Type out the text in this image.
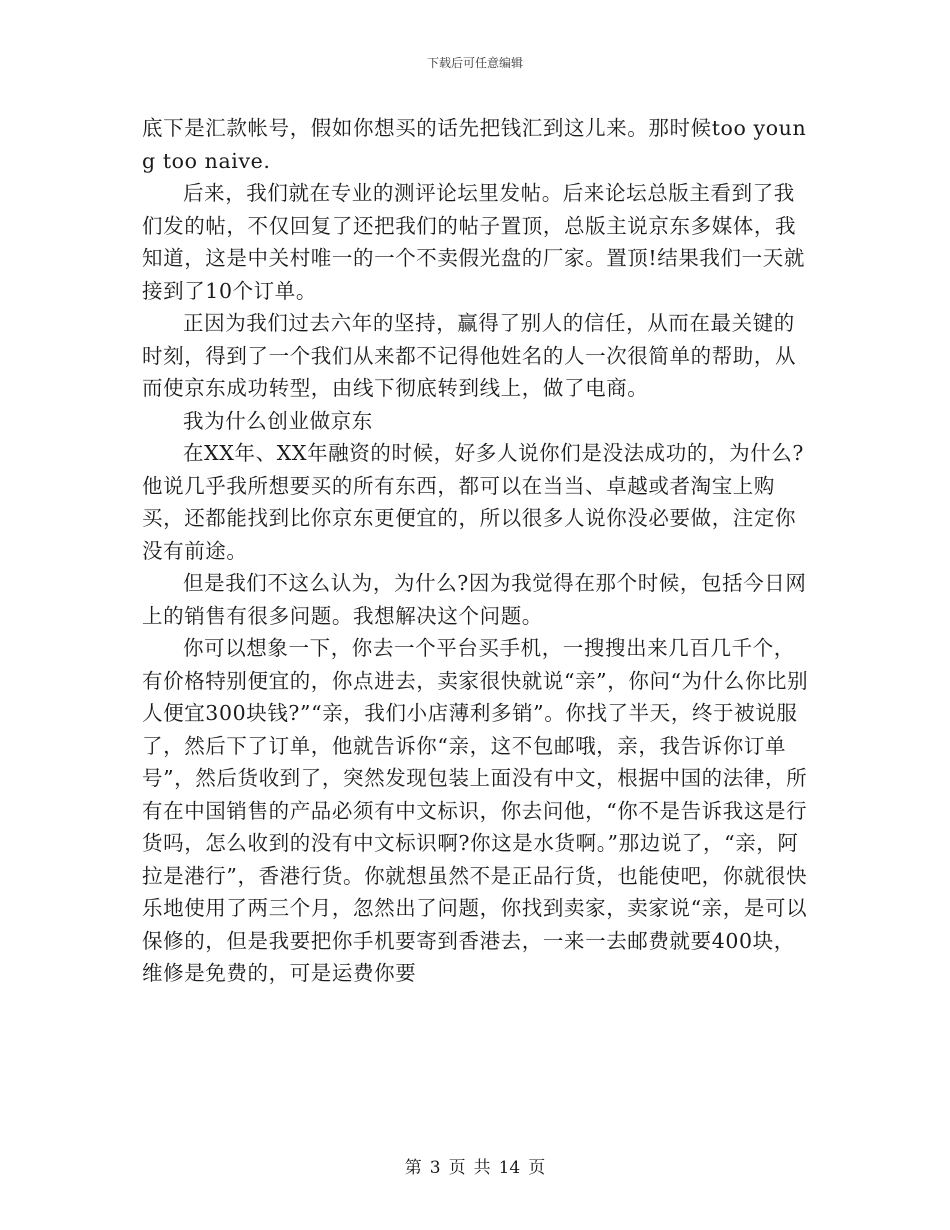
下载后可任意编辑

底下是汇款帐号，假如你想买的话先把钱汇到这儿来。那时候too young too naive.

后来，我们就在专业的测评论坛里发帖。后来论坛总版主看到了我们发的帖，不仅回复了还把我们的帖子置顶，总版主说京东多媒体，我知道，这是中关村唯一的一个不卖假光盘的厂家。置顶!结果我们一天就接到了10个订单。

正因为我们过去六年的坚持，赢得了别人的信任，从而在最关键的时刻，得到了一个我们从来都不记得他姓名的人一次很简单的帮助，从而使京东成功转型，由线下彻底转到线上，做了电商。

我为什么创业做京东

在XX年、XX年融资的时候，好多人说你们是没法成功的，为什么?他说几乎我所想要买的所有东西，都可以在当当、卓越或者淘宝上购买，还都能找到比你京东更便宜的，所以很多人说你没必要做，注定你没有前途。

但是我们不这么认为，为什么?因为我觉得在那个时候，包括今日网上的销售有很多问题。我想解决这个问题。

你可以想象一下，你去一个平台买手机，一搜搜出来几百几千个，有价格特别便宜的，你点进去，卖家很快就说“亲”，你问“为什么你比别人便宜300块钱?”“亲，我们小店薄利多销”。你找了半天，终于被说服了，然后下了订单，他就告诉你“亲，这不包邮哦，亲，我告诉你订单号”，然后货收到了，突然发现包装上面没有中文，根据中国的法律，所有在中国销售的产品必须有中文标识，你去问他，“你不是告诉我这是行货吗，怎么收到的没有中文标识啊?你这是水货啊。”那边说了，“亲，阿拉是港行”，香港行货。你就想虽然不是正品行货，也能使吧，你就很快乐地使用了两三个月，忽然出了问题，你找到卖家，卖家说“亲，是可以保修的，但是我要把你手机要寄到香港去，一来一去邮费就要400块，维修是免费的，可是运费你要

第 3 页 共 14 页
